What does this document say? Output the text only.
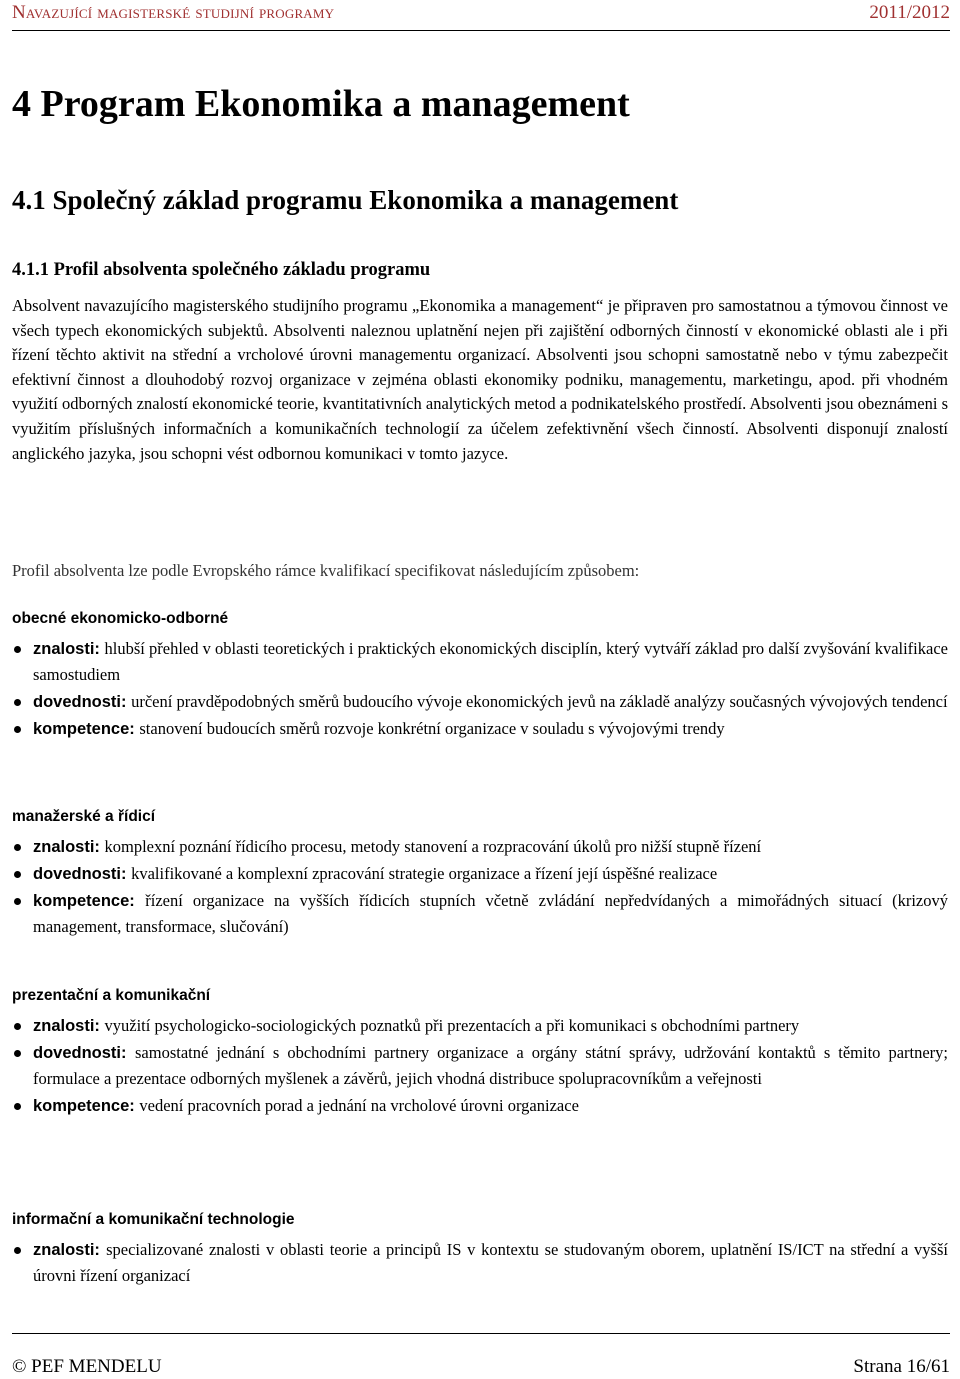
Navazující magisterské studijní programy	2011/2012
4 Program Ekonomika a management
4.1 Společný základ programu Ekonomika a management
4.1.1 Profil absolventa společného základu programu

Absolvent navazujícího magisterského studijního programu „Ekonomika a management“ je připraven pro samostatnou a týmovou činnost ve všech typech ekonomických subjektů. Absolventi naleznou uplatnění nejen při zajištění odborných činností v ekonomické oblasti ale i při řízení těchto aktivit na střední a vrcholové úrovni managementu organizací. Absolventi jsou schopni samostatně nebo v týmu zabezpečit efektivní činnost a dlouhodobý rozvoj organizace v zejména oblasti ekonomiky podniku, managementu, marketingu, apod. při vhodném využití odborných znalostí ekonomické teorie, kvantitativních analytických metod a podnikatelského prostředí. Absolventi jsou obeznámeni s využitím příslušných informačních a komunikačních technologií za účelem zefektivnění všech činností. Absolventi disponují znalostí anglického jazyka, jsou schopni vést odbornou komunikaci v tomto jazyce.

Profil absolventa lze podle Evropského rámce kvalifikací specifikovat následujícím způsobem:

obecné ekonomicko-odborné
znalosti: hlubší přehled v oblasti teoretických i praktických ekonomických disciplín, který vytváří základ pro další zvyšování kvalifikace samostudiem
dovednosti: určení pravděpodobných směrů budoucího vývoje ekonomických jevů na základě analýzy současných vývojových tendencí
kompetence: stanovení budoucích směrů rozvoje konkrétní organizace v souladu s vývojovými trendy
manažerské a řídicí
znalosti: komplexní poznání řídicího procesu, metody stanovení a rozpracování úkolů pro nižší stupně řízení
dovednosti: kvalifikované a komplexní zpracování strategie organizace a řízení její úspěšné realizace
kompetence: řízení organizace na vyšších řídicích stupních včetně zvládání nepředvídaných a mimořádných situací (krizový management, transformace, slučování)
prezentační a komunikační
znalosti: využití psychologicko-sociologických poznatků při prezentacích a při komunikaci s obchodními partnery
dovednosti: samostatné jednání s obchodními partnery organizace a orgány státní správy, udržování kontaktů s těmito partnery; formulace a prezentace odborných myšlenek a závěrů, jejich vhodná distribuce spolupracovníkům a veřejnosti
kompetence: vedení pracovních porad a jednání na vrcholové úrovni organizace
informační a komunikační technologie
znalosti: specializované znalosti v oblasti teorie a principů IS v kontextu se studovaným oborem, uplatnění IS/ICT na střední a vyšší úrovni řízení organizací
© PEF MENDELU	Strana 16/61
